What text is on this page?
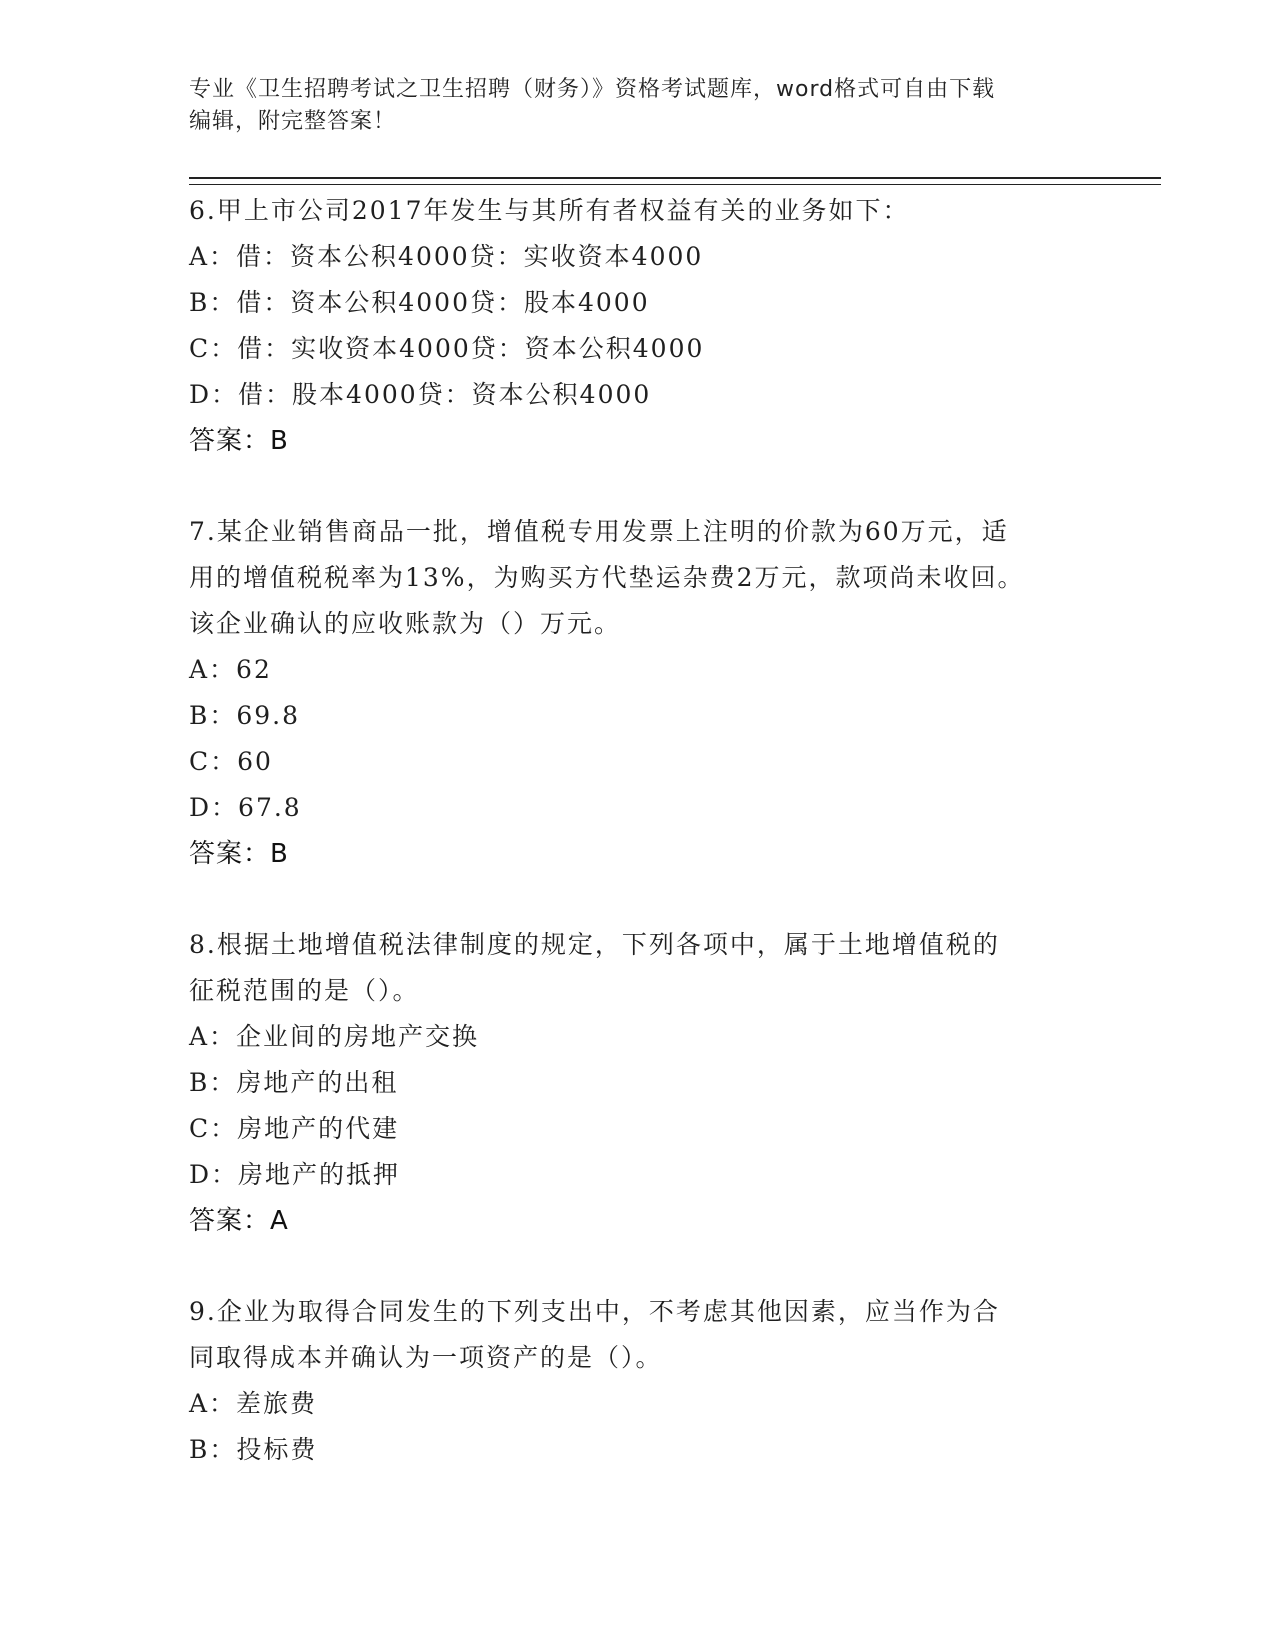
专业《卫生招聘考试之卫生招聘（财务）》资格考试题库，word格式可自由下载
编辑，附完整答案！
6.甲上市公司2017年发生与其所有者权益有关的业务如下：
A：借：资本公积4000贷：实收资本4000
B：借：资本公积4000贷：股本4000
C：借：实收资本4000贷：资本公积4000
D：借：股本4000贷：资本公积4000
答案：B
7.某企业销售商品一批，增值税专用发票上注明的价款为60万元，适
用的增值税税率为13%，为购买方代垫运杂费2万元，款项尚未收回。
该企业确认的应收账款为（）万元。
A：62
B：69.8
C：60
D：67.8
答案：B
8.根据土地增值税法律制度的规定，下列各项中，属于土地增值税的
征税范围的是（）。
A：企业间的房地产交换
B：房地产的出租
C：房地产的代建
D：房地产的抵押
答案：A
9.企业为取得合同发生的下列支出中，不考虑其他因素，应当作为合
同取得成本并确认为一项资产的是（）。
A：差旅费
B：投标费
